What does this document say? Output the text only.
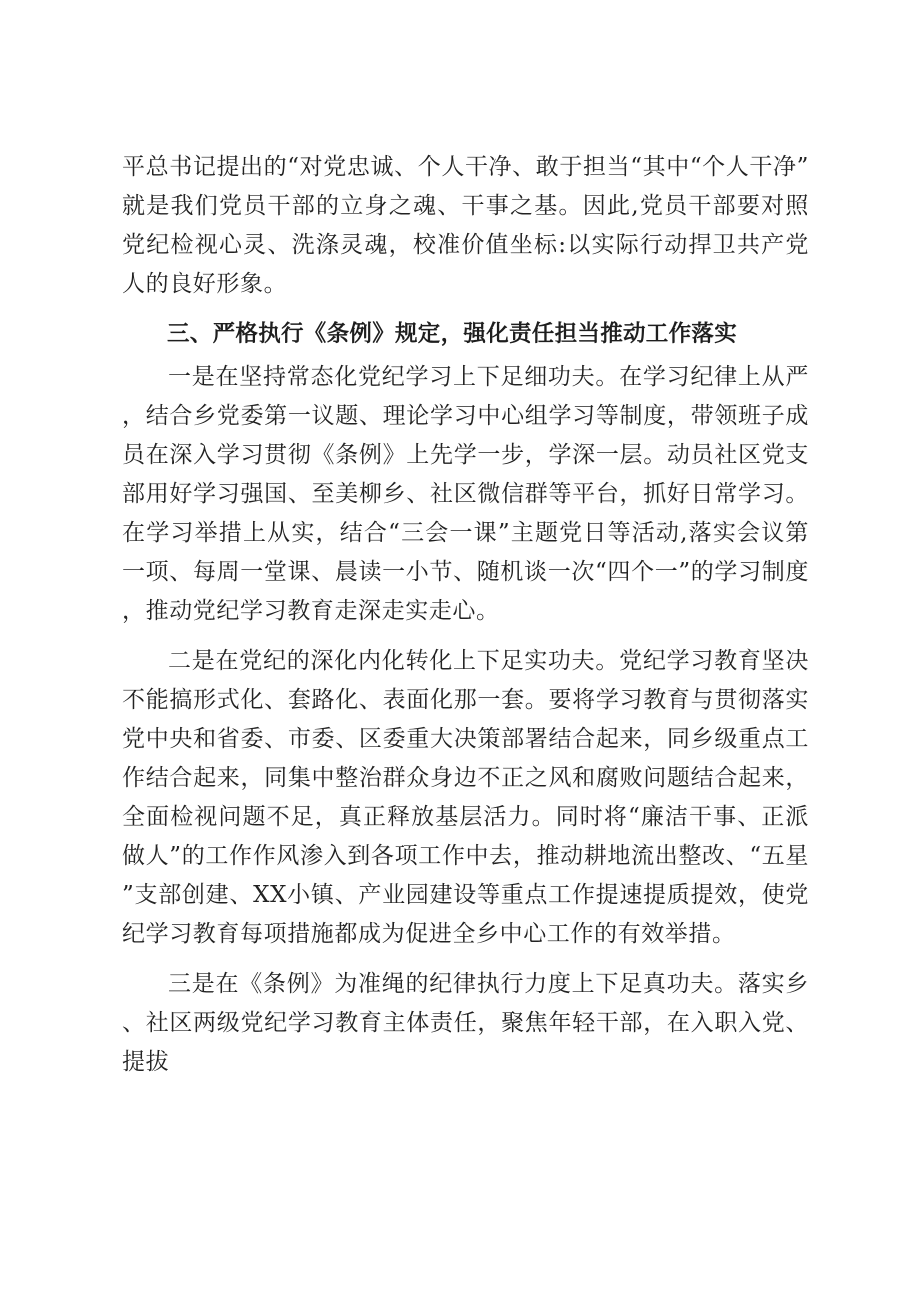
平总书记提出的“对党忠诚、个人干净、敢于担当“其中“个人干净”就是我们党员干部的立身之魂、干事之基。因此,党员干部要对照党纪检视心灵、洗涤灵魂，校准价值坐标:以实际行动捍卫共产党人的良好形象。

三、严格执行《条例》规定，强化责任担当推动工作落实

一是在坚持常态化党纪学习上下足细功夫。在学习纪律上从严，结合乡党委第一议题、理论学习中心组学习等制度，带领班子成员在深入学习贯彻《条例》上先学一步，学深一层。动员社区党支部用好学习强国、至美柳乡、社区微信群等平台，抓好日常学习。在学习举措上从实，结合“三会一课”主题党日等活动,落实会议第一项、每周一堂课、晨读一小节、随机谈一次“四个一”的学习制度，推动党纪学习教育走深走实走心。

二是在党纪的深化内化转化上下足实功夫。党纪学习教育坚决不能搞形式化、套路化、表面化那一套。要将学习教育与贯彻落实党中央和省委、市委、区委重大决策部署结合起来，同乡级重点工作结合起来，同集中整治群众身边不正之风和腐败问题结合起来，全面检视问题不足，真正释放基层活力。同时将“廉洁干事、正派做人”的工作作风渗入到各项工作中去，推动耕地流出整改、“五星”支部创建、XX小镇、产业园建设等重点工作提速提质提效，使党纪学习教育每项措施都成为促进全乡中心工作的有效举措。

三是在《条例》为准绳的纪律执行力度上下足真功夫。落实乡、社区两级党纪学习教育主体责任，聚焦年轻干部，在入职入党、提拔
